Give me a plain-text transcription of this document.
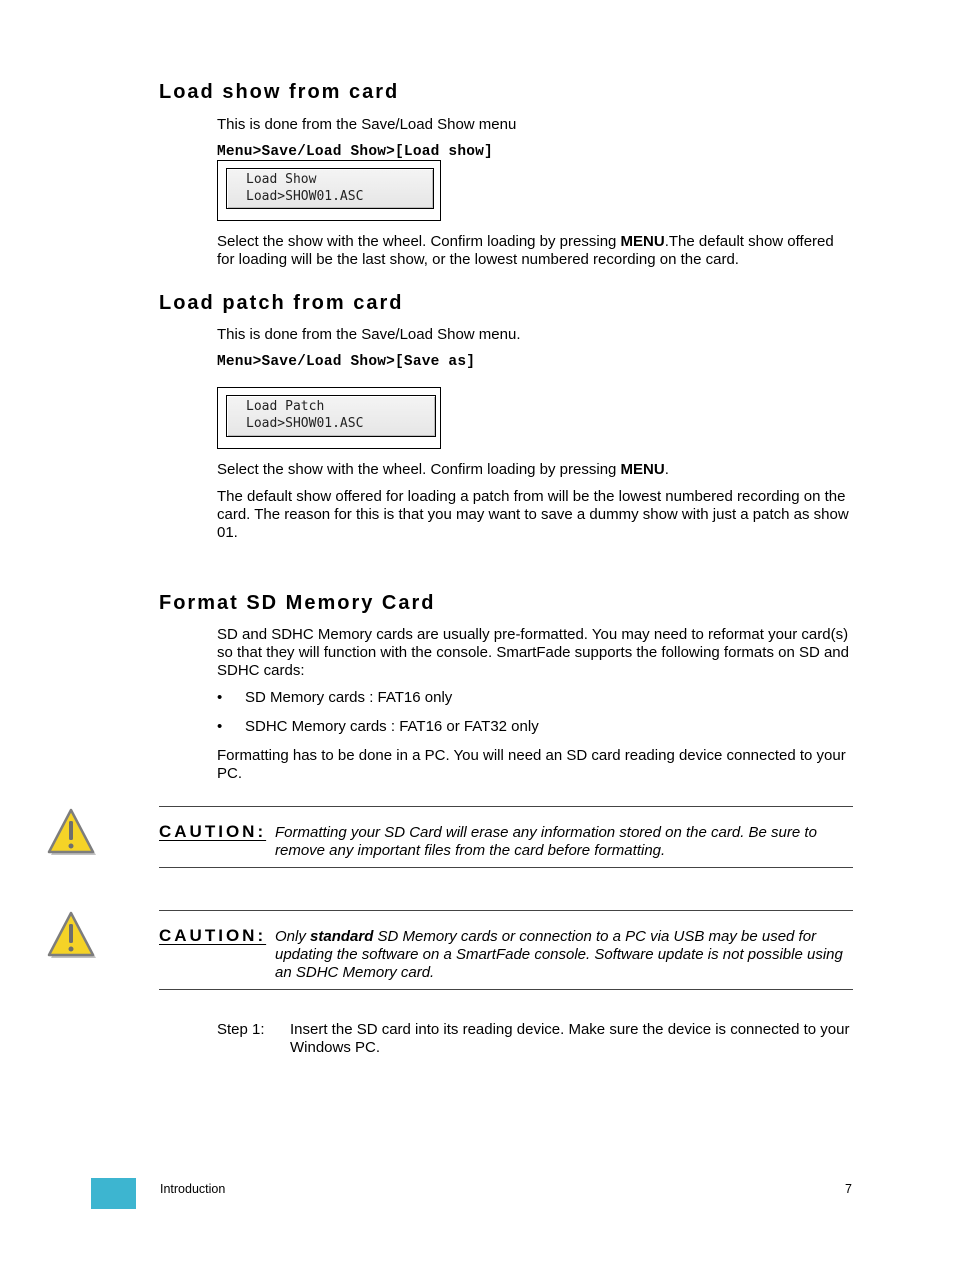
Load show from card
This is done from the Save/Load Show menu
Menu>Save/Load Show>[Load show]
Load Show
Load>SHOW01.ASC
Select the show with the wheel. Confirm loading by pressing MENU.The default show offered for loading will be the last show, or the lowest numbered recording on the card.
Load patch from card
This is done from the Save/Load Show menu.
Menu>Save/Load Show>[Save as]
Load Patch
Load>SHOW01.ASC
Select the show with the wheel. Confirm loading by pressing MENU.
The default show offered for loading a patch from will be the lowest numbered recording on the card. The reason for this is that you may want to save a dummy show with just a patch as show 01.
Format SD Memory Card
SD and SDHC Memory cards are usually pre-formatted. You may need to reformat your card(s) so that they will function with the console. SmartFade supports the following formats on SD and SDHC cards:
• SD Memory cards : FAT16 only
• SDHC Memory cards : FAT16 or FAT32 only
Formatting has to be done in a PC. You will need an SD card reading device connected to your PC.
CAUTION: Formatting your SD Card will erase any information stored on the card. Be sure to remove any important files from the card before formatting.
CAUTION: Only standard SD Memory cards or connection to a PC via USB may be used for updating the software on a SmartFade console. Software update is not possible using an SDHC Memory card.
Step 1: Insert the SD card into its reading device. Make sure the device is connected to your Windows PC.
Introduction	7
